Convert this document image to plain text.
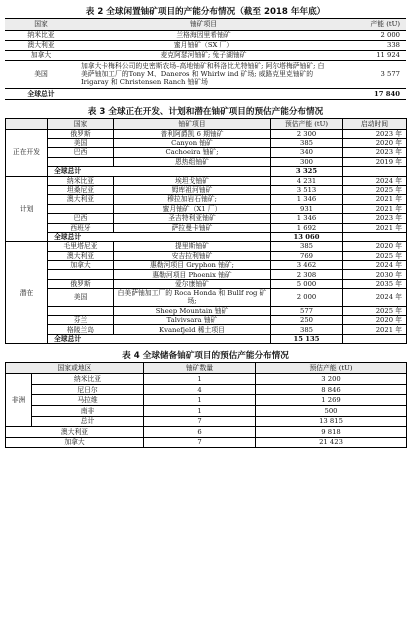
表 2 全球闲置铀矿项目的产能分布情况（截至 2018 年年底）
国家	铀矿项目	产能 (tU)
纳米比亚	兰格海因里希铀矿	2 000
澳大利亚	蜜月铀矿（SX 厂）	338
加拿大	麦克阿瑟河铀矿; 兔子湖铀矿	11 924
美国	加拿大卡梅科公司的史密斯农场–高地铀矿和科洛比尤特铀矿; 阿尔塔梅萨铀矿; 白美萨铀加工厂的Tony M、Daneros 和 Whirlw ind 矿场; 威路克里克铀矿的 Irigaray 和 Christensen Ranch 铀矿场	3 577
全球总计		17 840
表 3 全球正在开发、计划和潜在铀矿项目的预估产能分布情况
	国家	铀矿项目	预估产能 (tU)	启动时间
正在开发	俄罗斯	普利阿爵凯 6 期铀矿	2 300	2023 年
	美国	Canyon 铀矿	385	2020 年
	巴西	Cachoeira 铀矿;	340	2023 年
		恩热组铀矿	300	2019 年
	全球总计		3 325	
计划	纳米比亚	埃坦戈铀矿	4 231	2024 年
	坦桑尼亚	姆库祖河铀矿	3 513	2025 年
	澳大利亚	穆拉加岩石铀矿;	1 346	2021 年
		蜜月铀矿（X1 厂）	931	2021 年
	巴西	圣吉特利亚铀矿	1 346	2023 年
	西班牙	萨拉曼卡铀矿	1 692	2021 年
	全球总计		13 060	
潜在	毛里塔尼亚	提里斯铀矿	385	2020 年
	澳大利亚	安吉拉利铀矿	769	2025 年
	加拿大	惠勒河项目 Gryphon 铀矿;	3 462	2024 年
		惠勒河项目 Phoenix 铀矿	2 308	2030 年
	俄罗斯	爱尔康铀矿	5 000	2035 年
	美国	白美萨铀加工厂的 Roca Honda 和 Bullf rog 矿场;	2 000	2024 年
		Sheep Mountain 铀矿	577	2025 年
	芬兰	Talvivsara 铀矿	250	2020 年
	格陵兰岛	Kvanefjeld 稀土项目	385	2021 年
	全球总计		15 135	
表 4 全球储备铀矿项目的预估产能分布情况
国家或地区		铀矿数量	预估产能 (tU)
非洲	纳米比亚	1	3 200
	尼日尔	4	8 846
	马拉维	1	1 269
	南非	1	500
	总计	7	13 815
澳大利亚		6	9 818
加拿大		7	21 423
